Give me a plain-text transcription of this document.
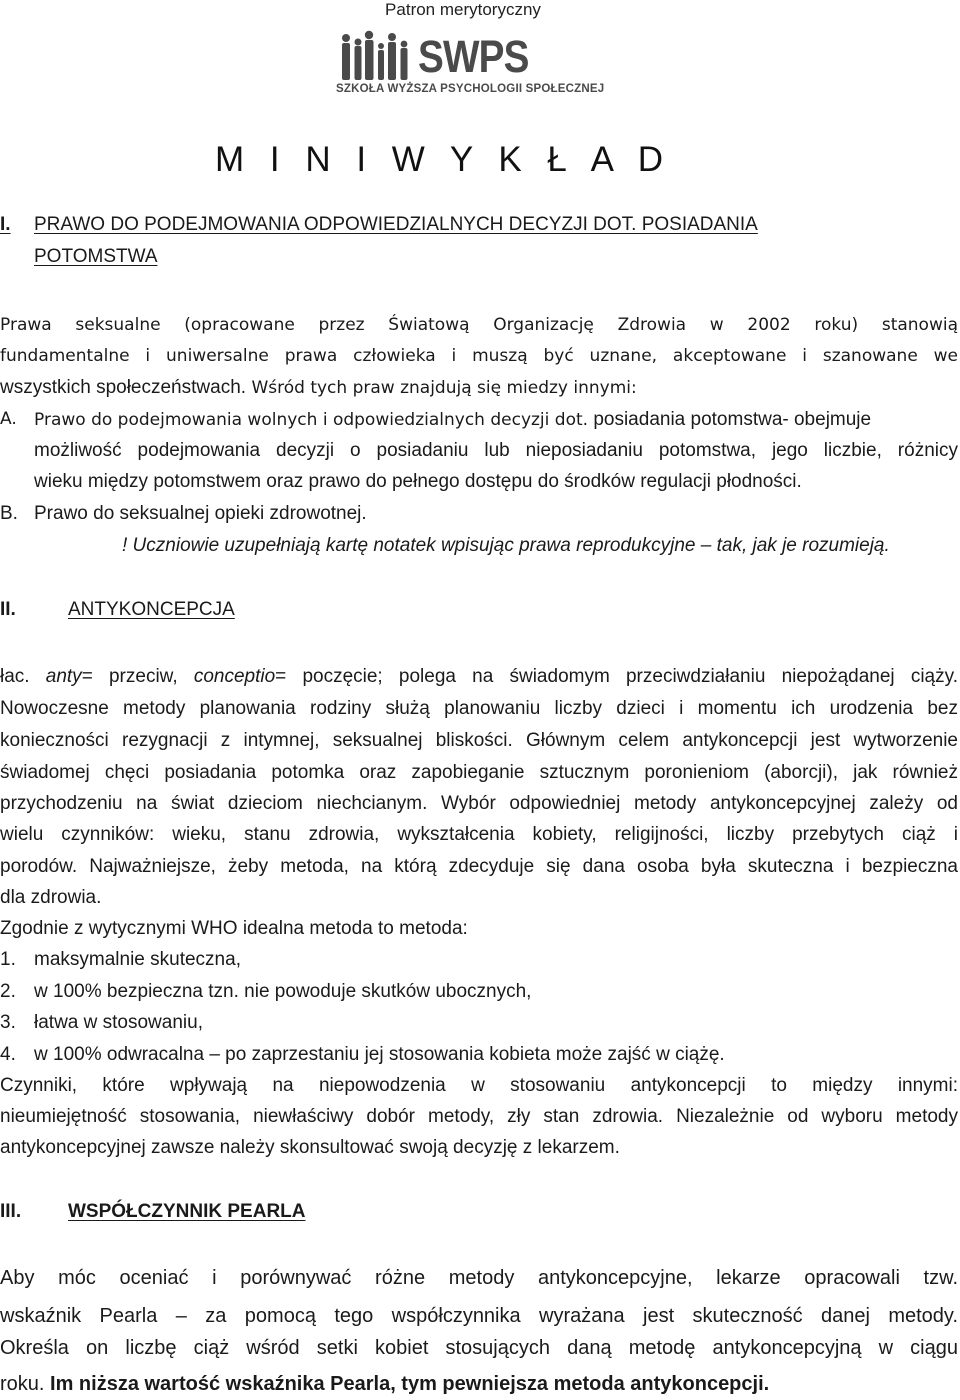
Patron merytoryczny
SWPS
SZKOŁA WYŻSZA PSYCHOLOGII SPOŁECZNEJ
M I N I W Y K Ł A D
I. PRAWO DO PODEJMOWANIA ODPOWIEDZIALNYCH DECYZJI DOT. POSIADANIA
POTOMSTWA
Prawa seksualne (opracowane przez Światową Organizację Zdrowia w 2002 roku) stanowią
fundamentalne i uniwersalne prawa człowieka i muszą być uznane, akceptowane i szanowane we
wszystkich społeczeństwach. Wśród tych praw znajdują się miedzy innymi:
A. Prawo do podejmowania wolnych i odpowiedzialnych decyzji dot. posiadania potomstwa- obejmuje
możliwość podejmowania decyzji o posiadaniu lub nieposiadaniu potomstwa, jego liczbie, różnicy
wieku między potomstwem oraz prawo do pełnego dostępu do środków regulacji płodności.
B. Prawo do seksualnej opieki zdrowotnej.
! Uczniowie uzupełniają kartę notatek wpisując prawa reprodukcyjne – tak, jak je rozumieją.
II.	ANTYKONCEPCJA
łac. anty= przeciw, conceptio= poczęcie; polega na świadomym przeciwdziałaniu niepożądanej ciąży.
Nowoczesne metody planowania rodziny służą planowaniu liczby dzieci i momentu ich urodzenia bez
konieczności rezygnacji z intymnej, seksualnej bliskości. Głównym celem antykoncepcji jest wytworzenie
świadomej chęci posiadania potomka oraz zapobieganie sztucznym poronieniom (aborcji), jak również
przychodzeniu na świat dzieciom niechcianym. Wybór odpowiedniej metody antykoncepcyjnej zależy od
wielu czynników: wieku, stanu zdrowia, wykształcenia kobiety, religijności, liczby przebytych ciąż i
porodów. Najważniejsze, żeby metoda, na którą zdecyduje się dana osoba była skuteczna i bezpieczna
dla zdrowia.
Zgodnie z wytycznymi WHO idealna metoda to metoda:
1. maksymalnie skuteczna,
2. w 100% bezpieczna tzn. nie powoduje skutków ubocznych,
3. łatwa w stosowaniu,
4. w 100% odwracalna – po zaprzestaniu jej stosowania kobieta może zajść w ciążę.
Czynniki, które wpływają na niepowodzenia w stosowaniu antykoncepcji to między innymi:
nieumiejętność stosowania, niewłaściwy dobór metody, zły stan zdrowia. Niezależnie od wyboru metody
antykoncepcyjnej zawsze należy skonsultować swoją decyzję z lekarzem.
III. WSPÓŁCZYNNIK PEARLA
Aby móc oceniać i porównywać różne metody antykoncepcyjne, lekarze opracowali tzw.
wskaźnik Pearla – za pomocą tego współczynnika wyrażana jest skuteczność danej metody.
Określa on liczbę ciąż wśród setki kobiet stosujących daną metodę antykoncepcyjną w ciągu
roku. Im niższa wartość wskaźnika Pearla, tym pewniejsza metoda antykoncepcji.
